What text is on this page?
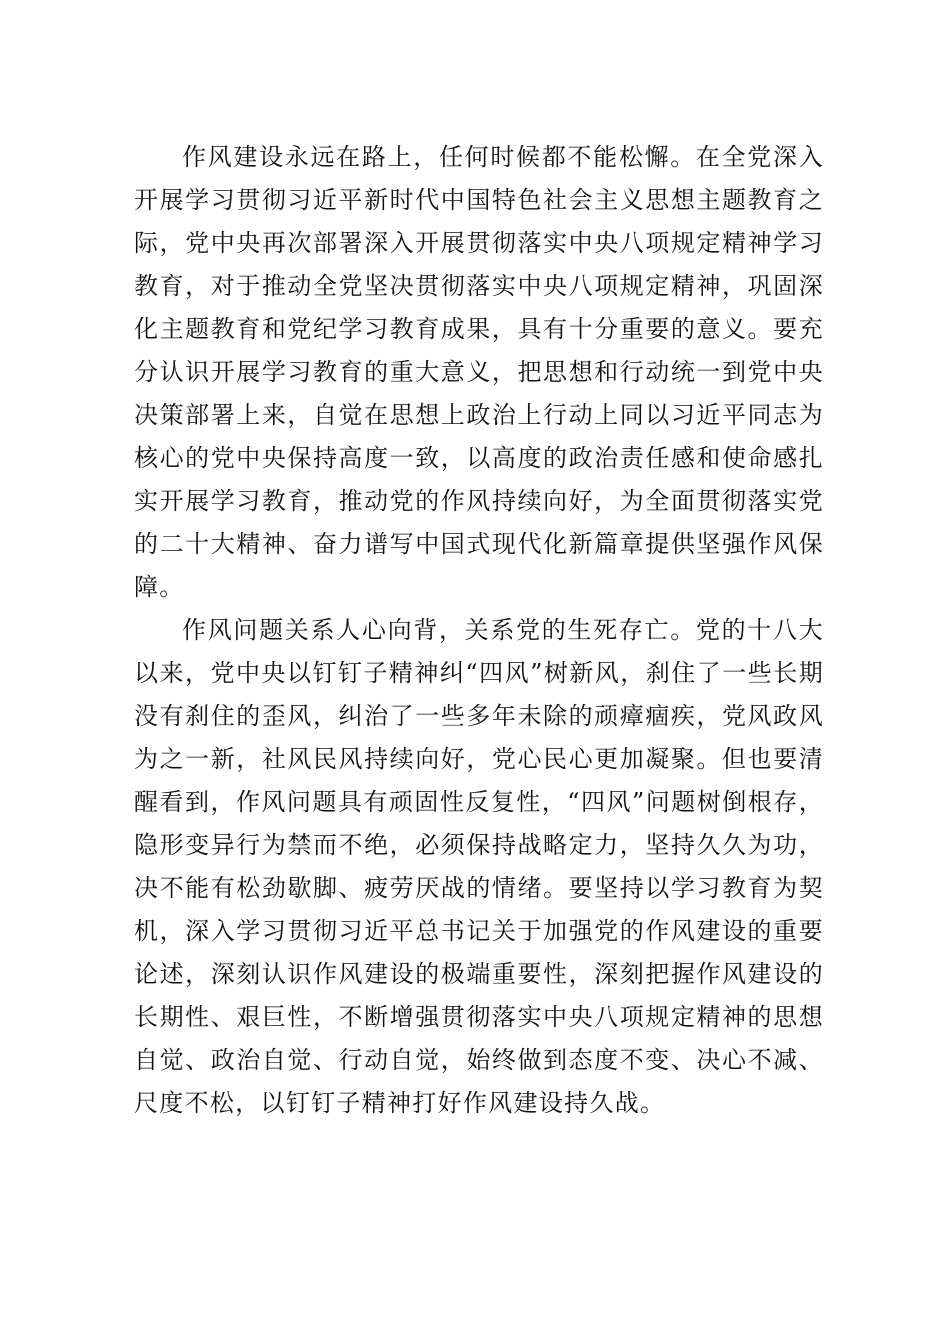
作风建设永远在路上，任何时候都不能松懈。在全党深入开展学习贯彻习近平新时代中国特色社会主义思想主题教育之际，党中央再次部署深入开展贯彻落实中央八项规定精神学习教育，对于推动全党坚决贯彻落实中央八项规定精神，巩固深化主题教育和党纪学习教育成果，具有十分重要的意义。要充分认识开展学习教育的重大意义，把思想和行动统一到党中央决策部署上来，自觉在思想上政治上行动上同以习近平同志为核心的党中央保持高度一致，以高度的政治责任感和使命感扎实开展学习教育，推动党的作风持续向好，为全面贯彻落实党的二十大精神、奋力谱写中国式现代化新篇章提供坚强作风保障。

作风问题关系人心向背，关系党的生死存亡。党的十八大以来，党中央以钉钉子精神纠“四风”树新风，刹住了一些长期没有刹住的歪风，纠治了一些多年未除的顽瘴痼疾，党风政风为之一新，社风民风持续向好，党心民心更加凝聚。但也要清醒看到，作风问题具有顽固性反复性，“四风”问题树倒根存，隐形变异行为禁而不绝，必须保持战略定力，坚持久久为功，决不能有松劲歇脚、疲劳厌战的情绪。要坚持以学习教育为契机，深入学习贯彻习近平总书记关于加强党的作风建设的重要论述，深刻认识作风建设的极端重要性，深刻把握作风建设的长期性、艰巨性，不断增强贯彻落实中央八项规定精神的思想自觉、政治自觉、行动自觉，始终做到态度不变、决心不减、尺度不松，以钉钉子精神打好作风建设持久战。
